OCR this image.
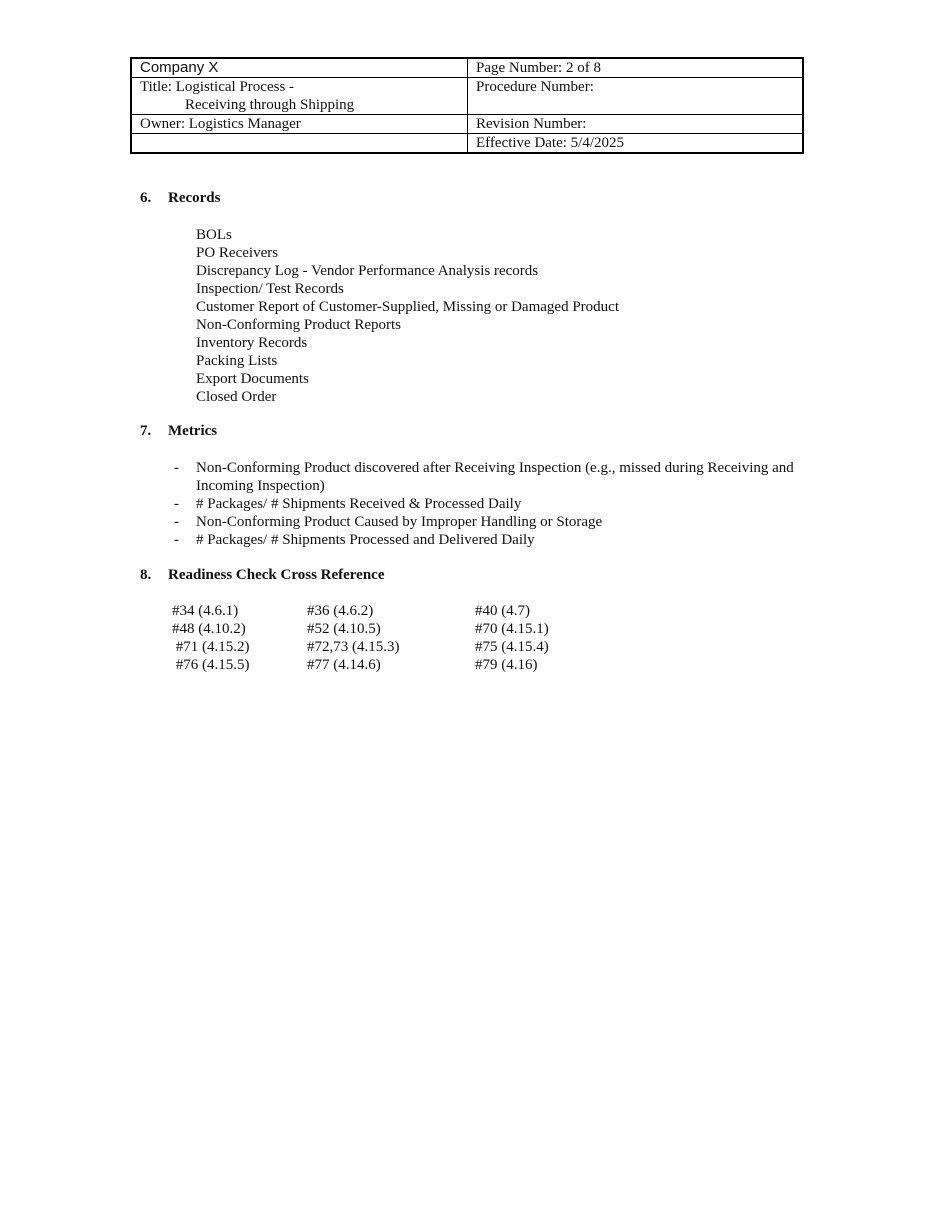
Company X	Page Number: 2 of 8

Title: Logistical Process -
Receiving through Shipping	Procedure Number:
Owner: Logistics Manager	Revision Number:
	Effective Date: 5/4/2025
6. Records
BOLs
PO Receivers
Discrepancy Log - Vendor Performance Analysis records
Inspection/ Test Records
Customer Report of Customer-Supplied, Missing or Damaged Product
Non-Conforming Product Reports
Inventory Records
Packing Lists
Export Documents
Closed Order
7. Metrics
- Non-Conforming Product discovered after Receiving Inspection (e.g., missed during Receiving and Incoming Inspection)
- # Packages/ # Shipments Received & Processed Daily
- Non-Conforming Product Caused by Improper Handling or Storage
- # Packages/ # Shipments Processed and Delivered Daily
8. Readiness Check Cross Reference
#34 (4.6.1)	#36 (4.6.2)	#40 (4.7)
#48 (4.10.2)	#52 (4.10.5)	#70 (4.15.1)
#71 (4.15.2)	#72,73 (4.15.3)	#75 (4.15.4)
#76 (4.15.5)	#77 (4.14.6)	#79 (4.16)
